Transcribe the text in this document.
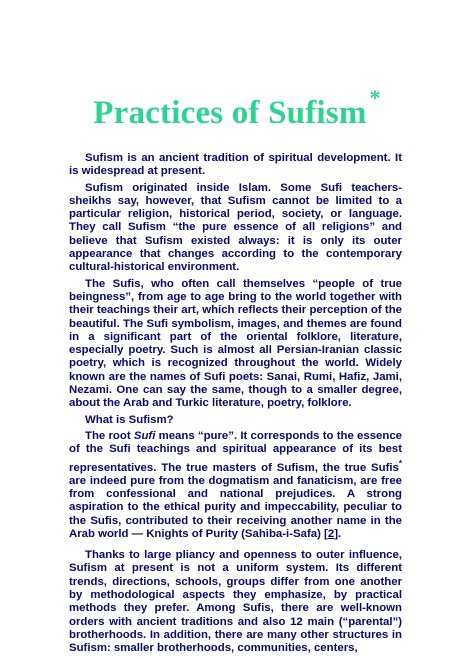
Practices of Sufism *

Sufism is an ancient tradition of spiritual development. It is widespread at present.

Sufism originated inside Islam. Some Sufi teachers-sheikhs say, however, that Sufism cannot be limited to a particular religion, historical period, society, or language. They call Sufism “the pure essence of all religions” and believe that Sufism existed always: it is only its outer appearance that changes according to the contemporary cultural-historical environment.

The Sufis, who often call themselves “people of true beingness”, from age to age bring to the world together with their teachings their art, which reflects their perception of the beautiful. The Sufi symbolism, images, and themes are found in a significant part of the oriental folklore, literature, especially poetry. Such is almost all Persian-Iranian classic poetry, which is recognized throughout the world. Widely known are the names of Sufi poets: Sanai, Rumi, Hafiz, Jami, Nezami. One can say the same, though to a smaller degree, about the Arab and Turkic literature, poetry, folklore.

What is Sufism?

The root Sufi means “pure”. It corresponds to the essence of the Sufi teachings and spiritual appearance of its best representatives. The true masters of Sufism, the true Sufis* are indeed pure from the dogmatism and fanaticism, are free from confessional and national prejudices. A strong aspiration to the ethical purity and impeccability, peculiar to the Sufis, contributed to their receiving another name in the Arab world — Knights of Purity (Sahiba-i-Safa) [2].

Thanks to large pliancy and openness to outer influence, Sufism at present is not a uniform system. Its different trends, directions, schools, groups differ from one another by methodological aspects they emphasize, by practical methods they prefer. Among Sufis, there are well-known orders with ancient traditions and also 12 main (“parental”) brotherhoods. In addition, there are many other structures in Sufism: smaller brotherhoods, communities, centers,
